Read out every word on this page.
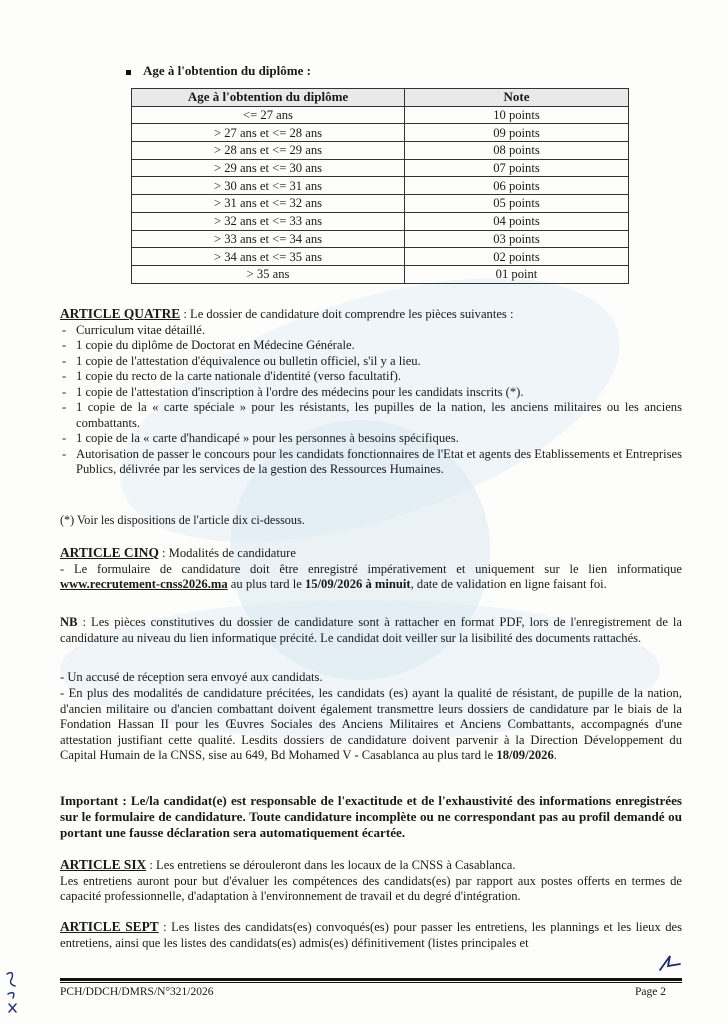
Age à l'obtention du diplôme :
Age à l'obtention du diplôme	Note
<= 27 ans	10 points
> 27 ans et <= 28 ans	09 points
> 28 ans et <= 29 ans	08 points
> 29 ans et <= 30 ans	07 points
> 30 ans et <= 31 ans	06 points
> 31 ans et <= 32 ans	05 points
> 32 ans et <= 33 ans	04 points
> 33 ans et <= 34 ans	03 points
> 34 ans et <= 35 ans	02 points
> 35 ans	01 point
ARTICLE QUATRE : Le dossier de candidature doit comprendre les pièces suivantes :
- Curriculum vitae détaillé.
- 1 copie du diplôme de Doctorat en Médecine Générale.
- 1 copie de l'attestation d'équivalence ou bulletin officiel, s'il y a lieu.
- 1 copie du recto de la carte nationale d'identité (verso facultatif).
- 1 copie de l'attestation d'inscription à l'ordre des médecins pour les candidats inscrits (*).
- 1 copie de la « carte spéciale » pour les résistants, les pupilles de la nation, les anciens militaires ou les anciens combattants.
- 1 copie de la « carte d'handicapé » pour les personnes à besoins spécifiques.
- Autorisation de passer le concours pour les candidats fonctionnaires de l'Etat et agents des Etablissements et Entreprises Publics, délivrée par les services de la gestion des Ressources Humaines.
(*) Voir les dispositions de l'article dix ci-dessous.
ARTICLE CINQ : Modalités de candidature
- Le formulaire de candidature doit être enregistré impérativement et uniquement sur le lien informatique www.recrutement-cnss2026.ma au plus tard le 15/09/2026 à minuit, date de validation en ligne faisant foi.
NB : Les pièces constitutives du dossier de candidature sont à rattacher en format PDF, lors de l'enregistrement de la candidature au niveau du lien informatique précité. Le candidat doit veiller sur la lisibilité des documents rattachés.
- Un accusé de réception sera envoyé aux candidats.
- En plus des modalités de candidature précitées, les candidats (es) ayant la qualité de résistant, de pupille de la nation, d'ancien militaire ou d'ancien combattant doivent également transmettre leurs dossiers de candidature par le biais de la Fondation Hassan II pour les Œuvres Sociales des Anciens Militaires et Anciens Combattants, accompagnés d'une attestation justifiant cette qualité. Lesdits dossiers de candidature doivent parvenir à la Direction Développement du Capital Humain de la CNSS, sise au 649, Bd Mohamed V - Casablanca au plus tard le 18/09/2026.
Important : Le/la candidat(e) est responsable de l'exactitude et de l'exhaustivité des informations enregistrées sur le formulaire de candidature. Toute candidature incomplète ou ne correspondant pas au profil demandé ou portant une fausse déclaration sera automatiquement écartée.
ARTICLE SIX : Les entretiens se dérouleront dans les locaux de la CNSS à Casablanca.
Les entretiens auront pour but d'évaluer les compétences des candidats(es) par rapport aux postes offerts en termes de capacité professionnelle, d'adaptation à l'environnement de travail et du degré d'intégration.
ARTICLE SEPT : Les listes des candidats(es) convoqués(es) pour passer les entretiens, les plannings et les lieux des entretiens, ainsi que les listes des candidats(es) admis(es) définitivement (listes principales et
PCH/DDCH/DMRS/N°321/2026	Page 2
